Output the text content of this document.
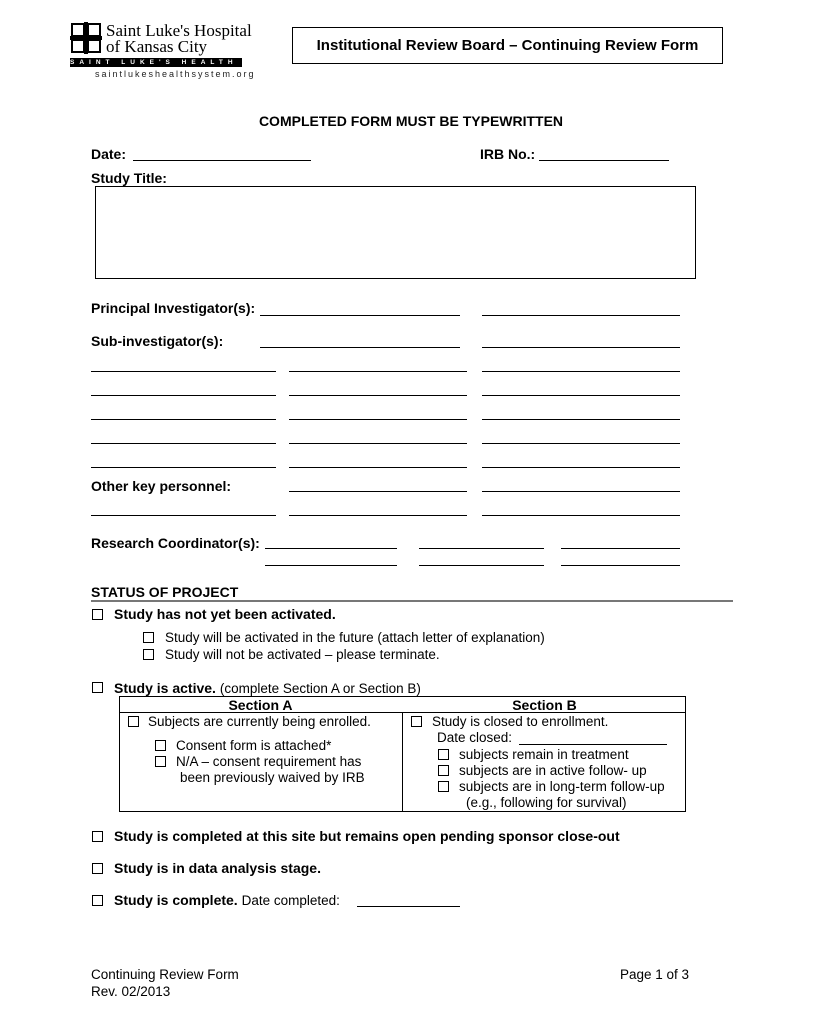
Saint Luke's Hospital
of Kansas City
SAINT LUKE'S HEALTH SYSTEM
saintlukeshealthsystem.org
Institutional Review Board – Continuing Review Form
COMPLETED FORM MUST BE TYPEWRITTEN
Date:	IRB No.:
Study Title:
Principal Investigator(s):
Sub-investigator(s):
Other key personnel:
Research Coordinator(s):
STATUS OF PROJECT
Study has not yet been activated.
Study will be activated in the future (attach letter of explanation)
Study will not be activated – please terminate.
Study is active. (complete Section A or Section B)
Section A	Section B
Subjects are currently being enrolled.
Consent form is attached*
N/A – consent requirement has
been previously waived by IRB
Study is closed to enrollment.
Date closed:
subjects remain in treatment
subjects are in active follow- up
subjects are in long-term follow-up
(e.g., following for survival)
Study is completed at this site but remains open pending sponsor close-out
Study is in data analysis stage.
Study is complete. Date completed:
Continuing Review Form
Rev. 02/2013
Page 1 of 3
